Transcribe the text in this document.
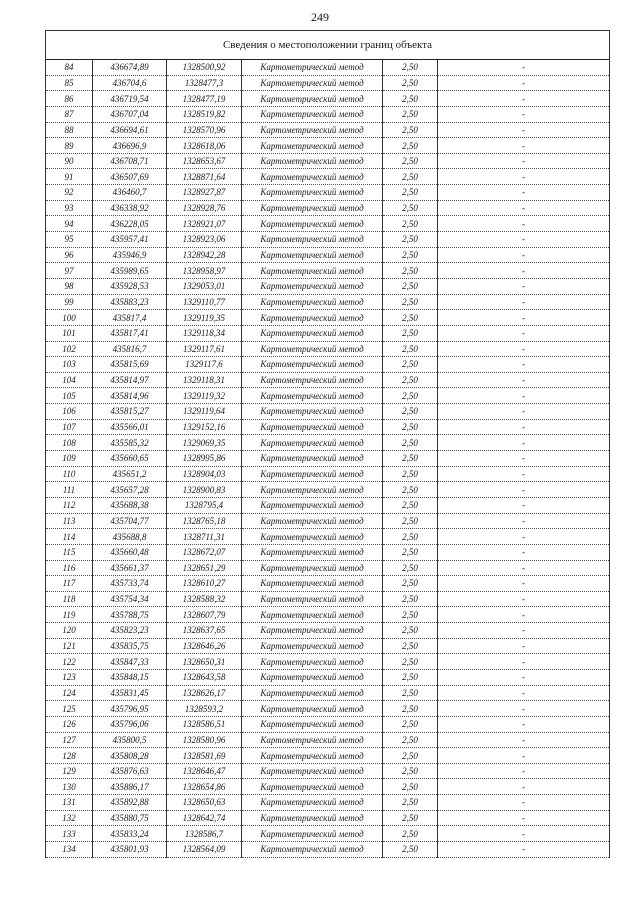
249
Сведения о местоположении границ объекта					
84	436674,89	1328500,92	Картометрический метод	2,50	-
85	436704,6	1328477,3	Картометрический метод	2,50	-
86	436719,54	1328477,19	Картометрический метод	2,50	-
87	436707,04	1328519,82	Картометрический метод	2,50	-
88	436694,61	1328570,96	Картометрический метод	2,50	-
89	436696,9	1328618,06	Картометрический метод	2,50	-
90	436708,71	1328653,67	Картометрический метод	2,50	-
91	436507,69	1328871,64	Картометрический метод	2,50	-
92	436460,7	1328927,87	Картометрический метод	2,50	-
93	436338,92	1328928,76	Картометрический метод	2,50	-
94	436228,05	1328921,07	Картометрический метод	2,50	-
95	435957,41	1328923,06	Картометрический метод	2,50	-
96	435946,9	1328942,28	Картометрический метод	2,50	-
97	435989,65	1328958,97	Картометрический метод	2,50	-
98	435928,53	1329053,01	Картометрический метод	2,50	-
99	435883,23	1329110,77	Картометрический метод	2,50	-
100	435817,4	1329119,35	Картометрический метод	2,50	-
101	435817,41	1329118,34	Картометрический метод	2,50	-
102	435816,7	1329117,61	Картометрический метод	2,50	-
103	435815,69	1329117,6	Картометрический метод	2,50	-
104	435814,97	1329118,31	Картометрический метод	2,50	-
105	435814,96	1329119,32	Картометрический метод	2,50	-
106	435815,27	1329119,64	Картометрический метод	2,50	-
107	435566,01	1329152,16	Картометрический метод	2,50	-
108	435585,32	1329069,35	Картометрический метод	2,50	-
109	435660,65	1328995,86	Картометрический метод	2,50	-
110	435651,2	1328904,03	Картометрический метод	2,50	-
111	435657,28	1328900,83	Картометрический метод	2,50	-
112	435688,38	1328795,4	Картометрический метод	2,50	-
113	435704,77	1328765,18	Картометрический метод	2,50	-
114	435688,8	1328711,31	Картометрический метод	2,50	-
115	435660,48	1328672,07	Картометрический метод	2,50	-
116	435661,37	1328651,29	Картометрический метод	2,50	-
117	435733,74	1328610,27	Картометрический метод	2,50	-
118	435754,34	1328588,32	Картометрический метод	2,50	-
119	435788,75	1328607,79	Картометрический метод	2,50	-
120	435823,23	1328637,65	Картометрический метод	2,50	-
121	435835,75	1328646,26	Картометрический метод	2,50	-
122	435847,33	1328650,31	Картометрический метод	2,50	-
123	435848,15	1328643,58	Картометрический метод	2,50	-
124	435831,45	1328626,17	Картометрический метод	2,50	-
125	435796,95	1328593,2	Картометрический метод	2,50	-
126	435796,06	1328586,51	Картометрический метод	2,50	-
127	435800,5	1328580,96	Картометрический метод	2,50	-
128	435808,28	1328581,69	Картометрический метод	2,50	-
129	435876,63	1328646,47	Картометрический метод	2,50	-
130	435886,17	1328654,86	Картометрический метод	2,50	-
131	435892,88	1328650,63	Картометрический метод	2,50	-
132	435880,75	1328642,74	Картометрический метод	2,50	-
133	435833,24	1328586,7	Картометрический метод	2,50	-
134	435801,93	1328564,09	Картометрический метод	2,50	-
